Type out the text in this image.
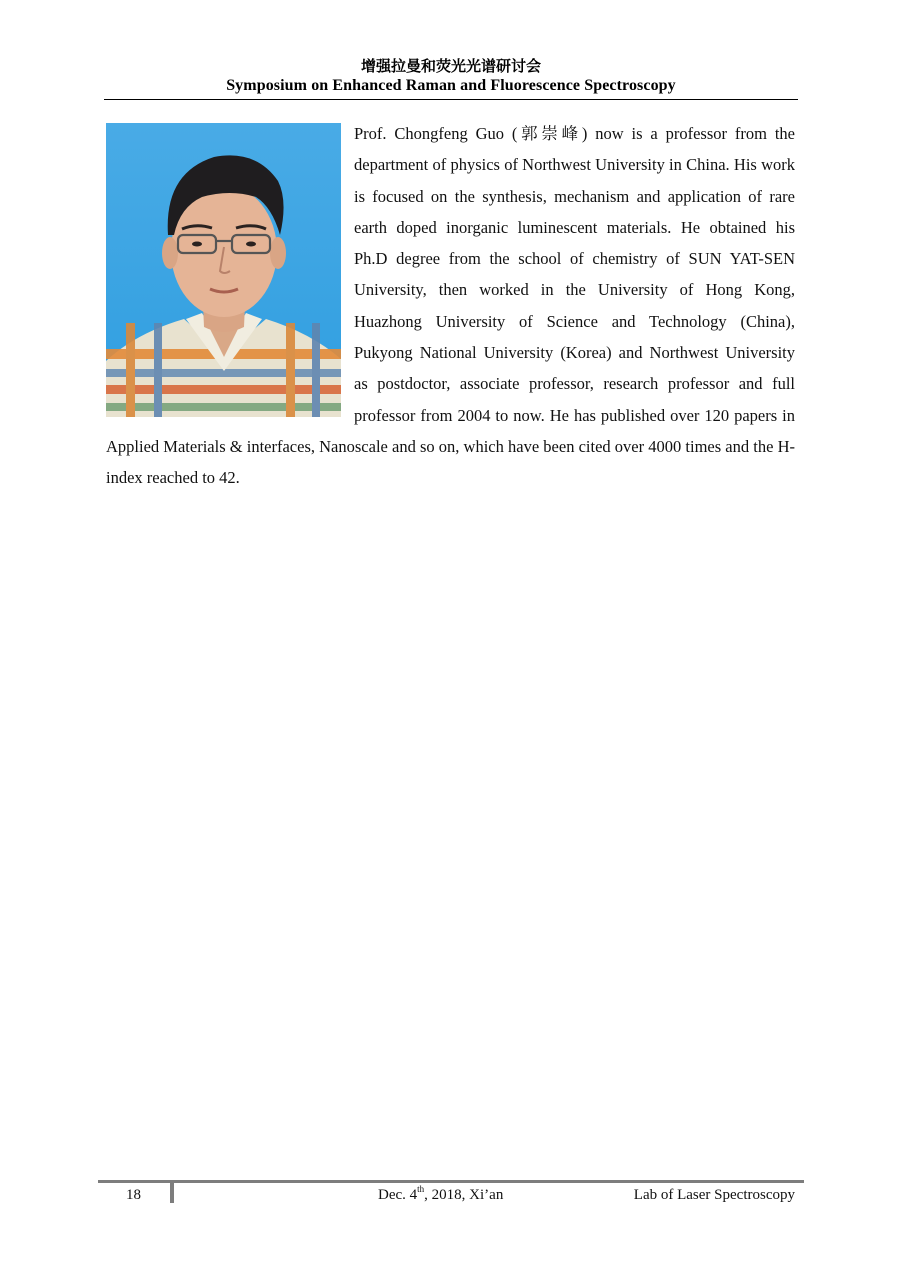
增强拉曼和荧光光谱研讨会
Symposium on Enhanced Raman and Fluorescence Spectroscopy

Prof. Chongfeng Guo (郭崇峰) now is a professor from the department of physics of Northwest University in China. His work is focused on the synthesis, mechanism and application of rare earth doped inorganic luminescent materials. He obtained his Ph.D degree from the school of chemistry of SUN YAT-SEN University, then worked in the University of Hong Kong, Huazhong University of Science and Technology (China), Pukyong National University (Korea) and Northwest University as postdoctor, associate professor, research professor and full professor from 2004 to now. He has published over 120 papers in Applied Materials & interfaces, Nanoscale and so on, which have been cited over 4000 times and the H-index reached to 42.

18	Dec. 4th, 2018, Xi’an	Lab of Laser Spectroscopy
